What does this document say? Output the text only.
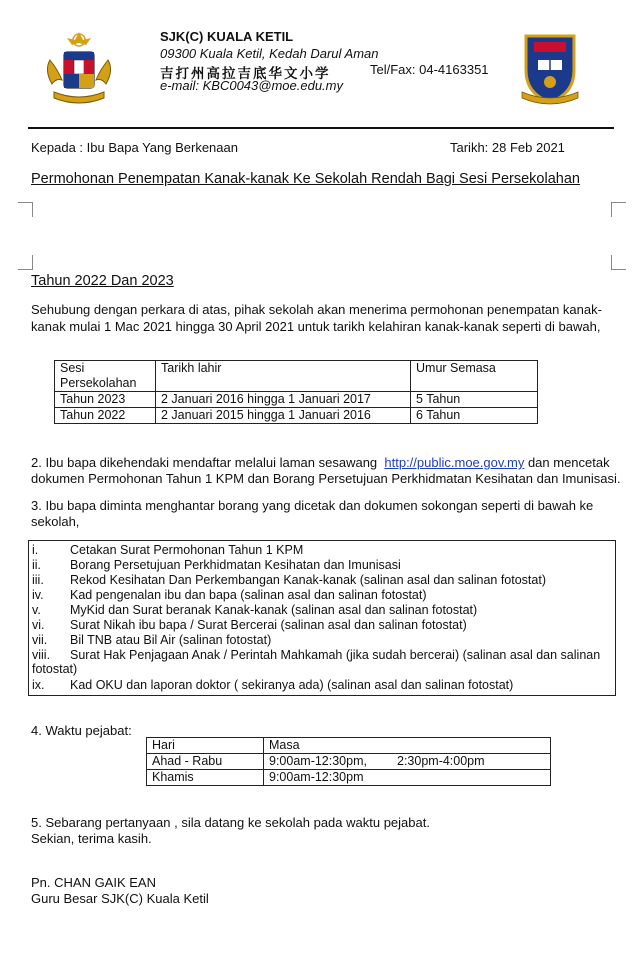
SJK(C) KUALA KETIL
09300 Kuala Ketil, Kedah Darul Aman
吉打州高拉吉底华文小学	Tel/Fax: 04-4163351
e-mail: KBC0043@moe.edu.my
Kepada : Ibu Bapa Yang Berkenaan	Tarikh: 28 Feb 2021
Permohonan Penempatan Kanak-kanak Ke Sekolah Rendah Bagi Sesi Persekolahan
Tahun 2022 Dan 2023
Sehubung dengan perkara di atas, pihak sekolah akan menerima permohonan penempatan kanak-
kanak mulai 1 Mac 2021 hingga 30 April 2021 untuk tarikh kelahiran kanak-kanak seperti di bawah,
Sesi
Persekolahan	Tarikh lahir	Umur Semasa
Tahun 2023	2 Januari 2016 hingga 1 Januari 2017	5 Tahun
Tahun 2022	2 Januari 2015 hingga 1 Januari 2016	6 Tahun
2. Ibu bapa dikehendaki mendaftar melalui laman sesawang  http://public.moe.gov.my dan mencetak
dokumen Permohonan Tahun 1 KPM dan Borang Persetujuan Perkhidmatan Kesihatan dan Imunisasi.
3. Ibu bapa diminta menghantar borang yang dicetak dan dokumen sokongan seperti di bawah ke
sekolah,
i.	Cetakan Surat Permohonan Tahun 1 KPM
ii. Borang Persetujuan Perkhidmatan Kesihatan dan Imunisasi
iii. Rekod Kesihatan Dan Perkembangan Kanak-kanak (salinan asal dan salinan fotostat)
iv. Kad pengenalan ibu dan bapa (salinan asal dan salinan fotostat)
v. MyKid dan Surat beranak Kanak-kanak (salinan asal dan salinan fotostat)
vi. Surat Nikah ibu bapa / Surat Bercerai (salinan asal dan salinan fotostat)
vii. Bil TNB atau Bil Air (salinan fotostat)
viii. Surat Hak Penjagaan Anak / Perintah Mahkamah (jika sudah bercerai) (salinan asal dan salinan
fotostat)
ix. Kad OKU dan laporan doktor ( sekiranya ada) (salinan asal dan salinan fotostat)
4. Waktu pejabat:
Hari	Masa	
Ahad - Rabu	9:00am-12:30pm,	2:30pm-4:00pm
Khamis	9:00am-12:30pm	
5. Sebarang pertanyaan , sila datang ke sekolah pada waktu pejabat.
Sekian, terima kasih.
Pn. CHAN GAIK EAN
Guru Besar SJK(C) Kuala Ketil
